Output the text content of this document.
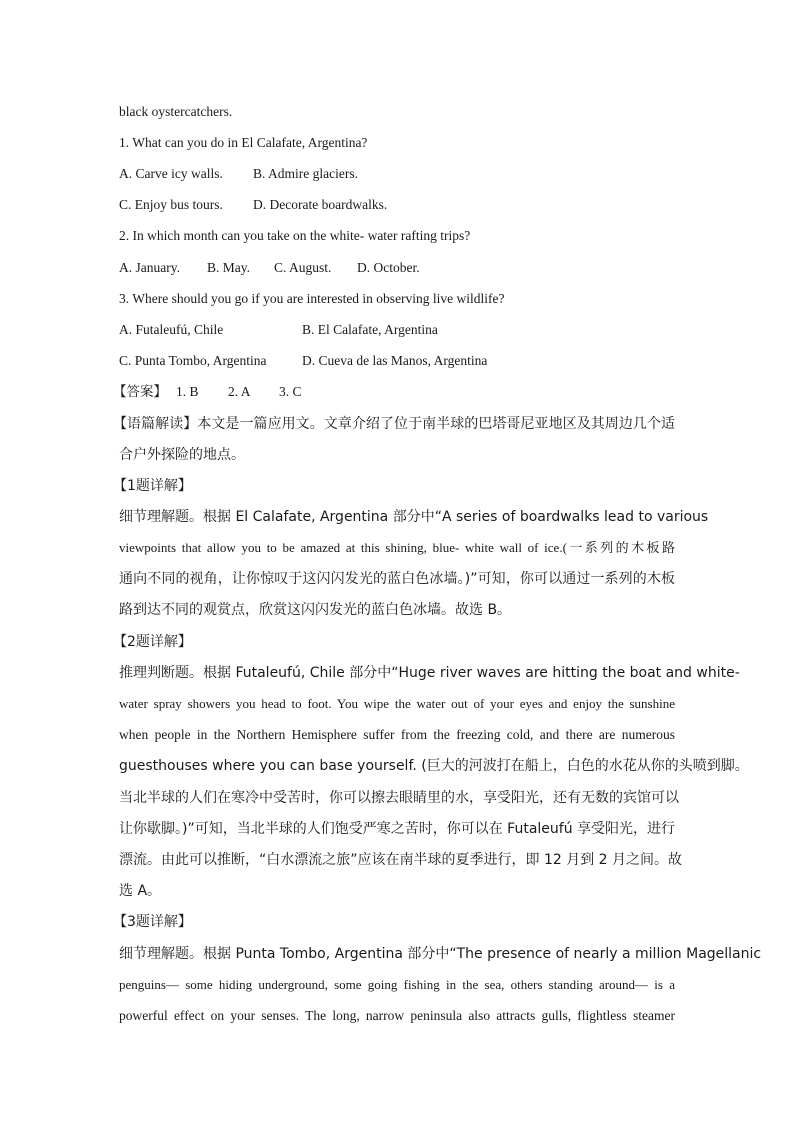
black oystercatchers.
1. What can you do in El Calafate, Argentina?
A. Carve icy walls. B. Admire glaciers.
C. Enjoy bus tours. D. Decorate boardwalks.
2. In which month can you take on the white- water rafting trips?
A. January. B. May. C. August. D. October.
3. Where should you go if you are interested in observing live wildlife?
A. Futaleufú, Chile	B. El Calafate, Argentina
C. Punta Tombo, Argentina	D. Cueva de las Manos, Argentina
【答案】 1. B 2. A 3. C
【语篇解读】本文是一篇应用文。文章介绍了位于南半球的巴塔哥尼亚地区及其周边几个适
合户外探险的地点。
【1题详解】
细节理解题。根据 El Calafate, Argentina 部分中“A series of boardwalks lead to various
viewpoints that allow you to be amazed at this shining, blue- white wall of ice.(一系列的木板路
通向不同的视角，让你惊叹于这闪闪发光的蓝白色冰墙。)”可知，你可以通过一系列的木板
路到达不同的观赏点，欣赏这闪闪发光的蓝白色冰墙。故选 B。
【2题详解】
推理判断题。根据 Futaleufú, Chile 部分中“Huge river waves are hitting the boat and white-
water spray showers you head to foot. You wipe the water out of your eyes and enjoy the sunshine
when people in the Northern Hemisphere suffer from the freezing cold, and there are numerous
guesthouses where you can base yourself. (巨大的河波打在船上，白色的水花从你的头喷到脚。
当北半球的人们在寒冷中受苦时，你可以擦去眼睛里的水，享受阳光，还有无数的宾馆可以
让你歇脚。)”可知，当北半球的人们饱受严寒之苦时，你可以在 Futaleufú 享受阳光，进行
漂流。由此可以推断，“白水漂流之旅”应该在南半球的夏季进行，即 12 月到 2 月之间。故
选 A。
【3题详解】
细节理解题。根据 Punta Tombo, Argentina 部分中“The presence of nearly a million Magellanic
penguins— some hiding underground, some going fishing in the sea, others standing around— is a
powerful effect on your senses. The long, narrow peninsula also attracts gulls, flightless steamer
